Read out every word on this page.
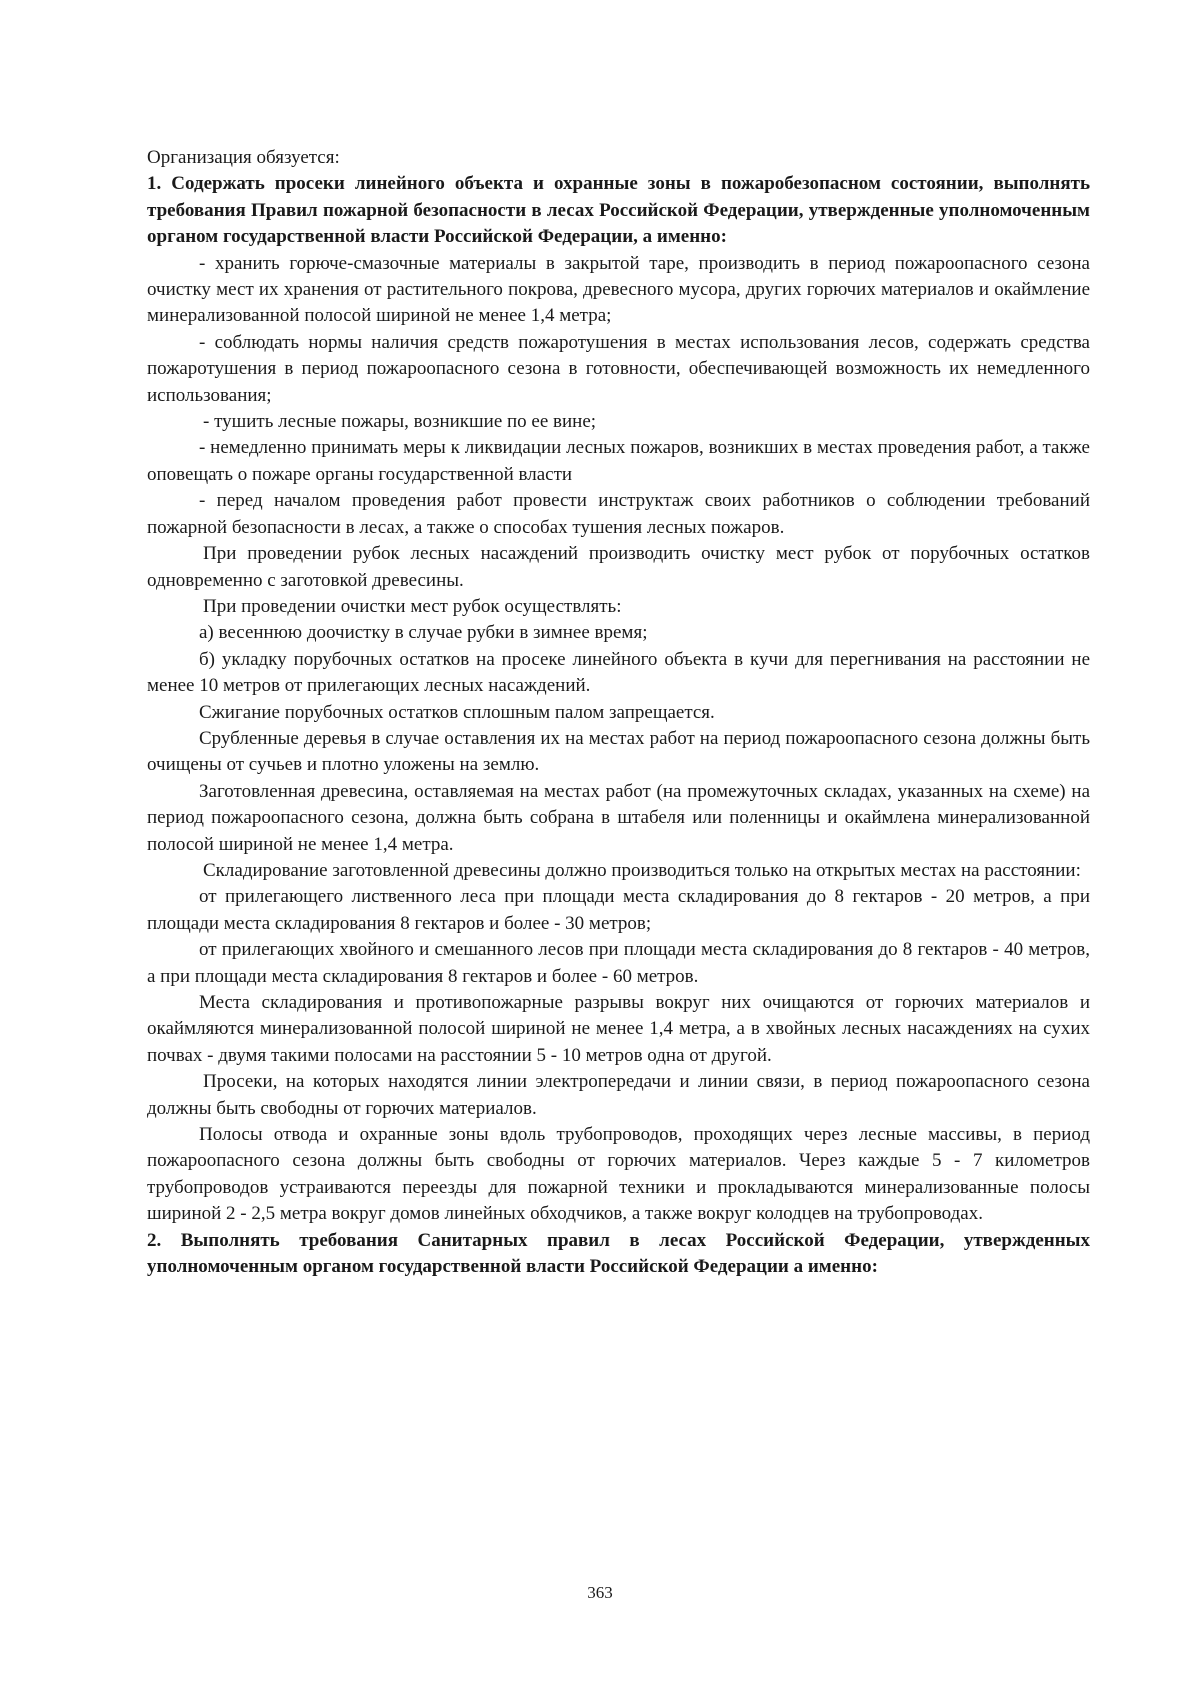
Организация обязуется:

1. Содержать просеки линейного объекта и охранные зоны в пожаробезопасном состоянии, выполнять требования Правил пожарной безопасности в лесах Российской Федерации, утвержденные уполномоченным органом государственной власти Российской Федерации, а именно:

- хранить горюче-смазочные материалы в закрытой таре, производить в период пожароопасного сезона очистку мест их хранения от растительного покрова, древесного мусора, других горючих материалов и окаймление минерализованной полосой шириной не менее 1,4 метра;

- соблюдать нормы наличия средств пожаротушения в местах использования лесов, содержать средства пожаротушения в период пожароопасного сезона в готовности, обеспечивающей возможность их немедленного использования;

- тушить лесные пожары, возникшие по ее вине;

- немедленно принимать меры к ликвидации лесных пожаров, возникших в местах проведения работ, а также оповещать о пожаре органы государственной власти

- перед началом проведения работ провести инструктаж своих работников о соблюдении требований пожарной безопасности в лесах, а также о способах тушения лесных пожаров.

При проведении рубок лесных насаждений производить очистку мест рубок от порубочных остатков одновременно с заготовкой древесины.

При проведении очистки мест рубок осуществлять:

а) весеннюю доочистку в случае рубки в зимнее время;

б) укладку порубочных остатков на просеке линейного объекта в кучи для перегнивания на расстоянии не менее 10 метров от прилегающих лесных насаждений.

Сжигание порубочных остатков сплошным палом запрещается.

Срубленные деревья в случае оставления их на местах работ на период пожароопасного сезона должны быть очищены от сучьев и плотно уложены на землю.

Заготовленная древесина, оставляемая на местах работ (на промежуточных складах, указанных на схеме) на период пожароопасного сезона, должна быть собрана в штабеля или поленницы и окаймлена минерализованной полосой шириной не менее 1,4 метра.

Складирование заготовленной древесины должно производиться только на открытых местах на расстоянии:

от прилегающего лиственного леса при площади места складирования до 8 гектаров - 20 метров, а при площади места складирования 8 гектаров и более - 30 метров;

от прилегающих хвойного и смешанного лесов при площади места складирования до 8 гектаров - 40 метров, а при площади места складирования 8 гектаров и более - 60 метров.

Места складирования и противопожарные разрывы вокруг них очищаются от горючих материалов и окаймляются минерализованной полосой шириной не менее 1,4 метра, а в хвойных лесных насаждениях на сухих почвах - двумя такими полосами на расстоянии 5 - 10 метров одна от другой.

Просеки, на которых находятся линии электропередачи и линии связи, в период пожароопасного сезона должны быть свободны от горючих материалов.

Полосы отвода и охранные зоны вдоль трубопроводов, проходящих через лесные массивы, в период пожароопасного сезона должны быть свободны от горючих материалов. Через каждые 5 - 7 километров трубопроводов устраиваются переезды для пожарной техники и прокладываются минерализованные полосы шириной 2 - 2,5 метра вокруг домов линейных обходчиков, а также вокруг колодцев на трубопроводах.

2. Выполнять требования Санитарных правил в лесах Российской Федерации, утвержденных уполномоченным органом государственной власти Российской Федерации а именно:

363
